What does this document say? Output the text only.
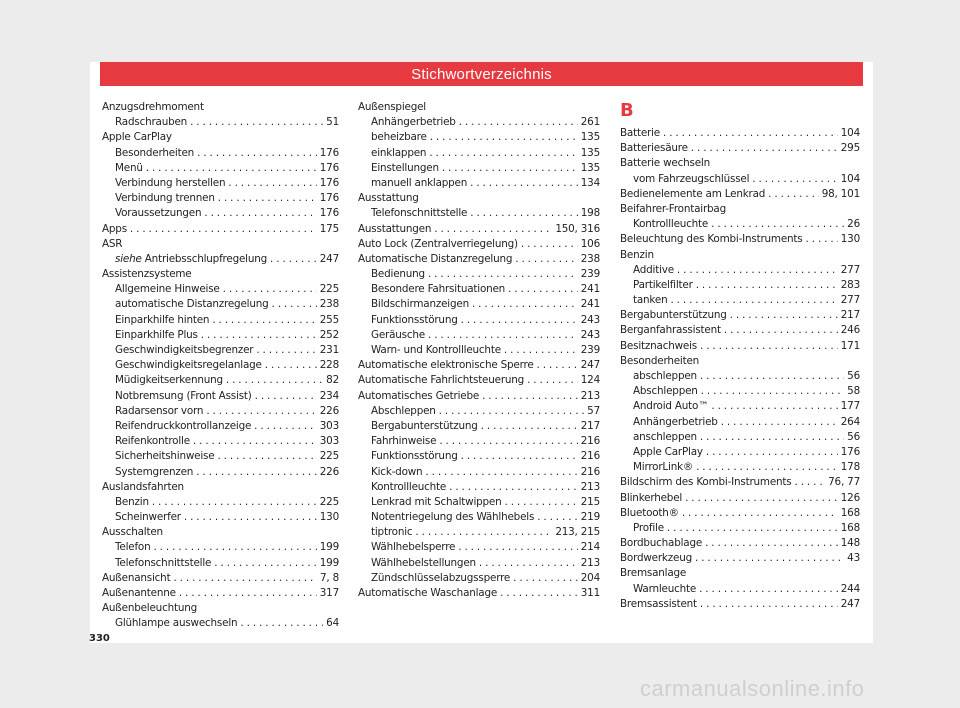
Stichwortverzeichnis
Anzugsdrehmoment
Radschrauben . . .	51
Apple CarPlay
Besonderheiten . . .	176
Menü . . .	176
Verbindung herstellen . . .	176
Verbindung trennen . . .	176
Voraussetzungen . . .	176
Apps . . .	175
ASR
siehe Antriebsschlupfregelung . . .	247
Assistenzsysteme
Allgemeine Hinweise . . .	225
automatische Distanzregelung . . .	238
Einparkhilfe hinten . . .	255
Einparkhilfe Plus . . .	252
Geschwindigkeitsbegrenzer . . .	231
Geschwindigkeitsregelanlage . . .	228
Müdigkeitserkennung . . .	82
Notbremsung (Front Assist) . . .	234
Radarsensor vorn . . .	226
Reifendruckkontrollanzeige . . .	303
Reifenkontrolle . . .	303
Sicherheitshinweise . . .	225
Systemgrenzen . . .	226
Auslandsfahrten
Benzin . . .	225
Scheinwerfer . . .	130
Ausschalten
Telefon . . .	199
Telefonschnittstelle . . .	199
Außenansicht . . .	7, 8
Außenantenne . . .	317
Außenbeleuchtung
Glühlampe auswechseln . . .	64
Außenspiegel
Anhängerbetrieb . . .	261
beheizbare . . .	135
einklappen . . .	135
Einstellungen . . .	135
manuell anklappen . . .	134
Ausstattung
Telefonschnittstelle . . .	198
Ausstattungen . . .	150, 316
Auto Lock (Zentralverriegelung) . . .	106
Automatische Distanzregelung . . .	238
Bedienung . . .	239
Besondere Fahrsituationen . . .	241
Bildschirmanzeigen . . .	241
Funktionsstörung . . .	243
Geräusche . . .	243
Warn- und Kontrollleuchte . . .	239
Automatische elektronische Sperre . . .	247
Automatische Fahrlichtsteuerung . . .	124
Automatisches Getriebe . . .	213
Abschleppen . . .	57
Bergabunterstützung . . .	217
Fahrhinweise . . .	216
Funktionsstörung . . .	216
Kick-down . . .	216
Kontrollleuchte . . .	213
Lenkrad mit Schaltwippen . . .	215
Notentriegelung des Wählhebels . . .	219
tiptronic . . .	213, 215
Wählhebelsperre . . .	214
Wählhebelstellungen . . .	213
Zündschlüsselabzugssperre . . .	204
Automatische Waschanlage . . .	311
B
Batterie . . .	104
Batteriesäure . . .	295
Batterie wechseln
vom Fahrzeugschlüssel . . .	104
Bedienelemente am Lenkrad . . .	98, 101
Beifahrer-Frontairbag
Kontrollleuchte . . .	26
Beleuchtung des Kombi-Instruments . . .	130
Benzin
Additive . . .	277
Partikelfilter . . .	283
tanken . . .	277
Bergabunterstützung . . .	217
Berganfahrassistent . . .	246
Besitznachweis . . .	171
Besonderheiten
abschleppen . . .	56
Abschleppen . . .	58
Android Auto™ . . .	177
Anhängerbetrieb . . .	264
anschleppen . . .	56
Apple CarPlay . . .	176
MirrorLink® . . .	178
Bildschirm des Kombi-Instruments . . .	76, 77
Blinkerhebel . . .	126
Bluetooth® . . .	168
Profile . . .	168
Bordbuchablage . . .	148
Bordwerkzeug . . .	43
Bremsanlage
Warnleuchte . . .	244
Bremsassistent . . .	247
330
carmanualsonline.info
